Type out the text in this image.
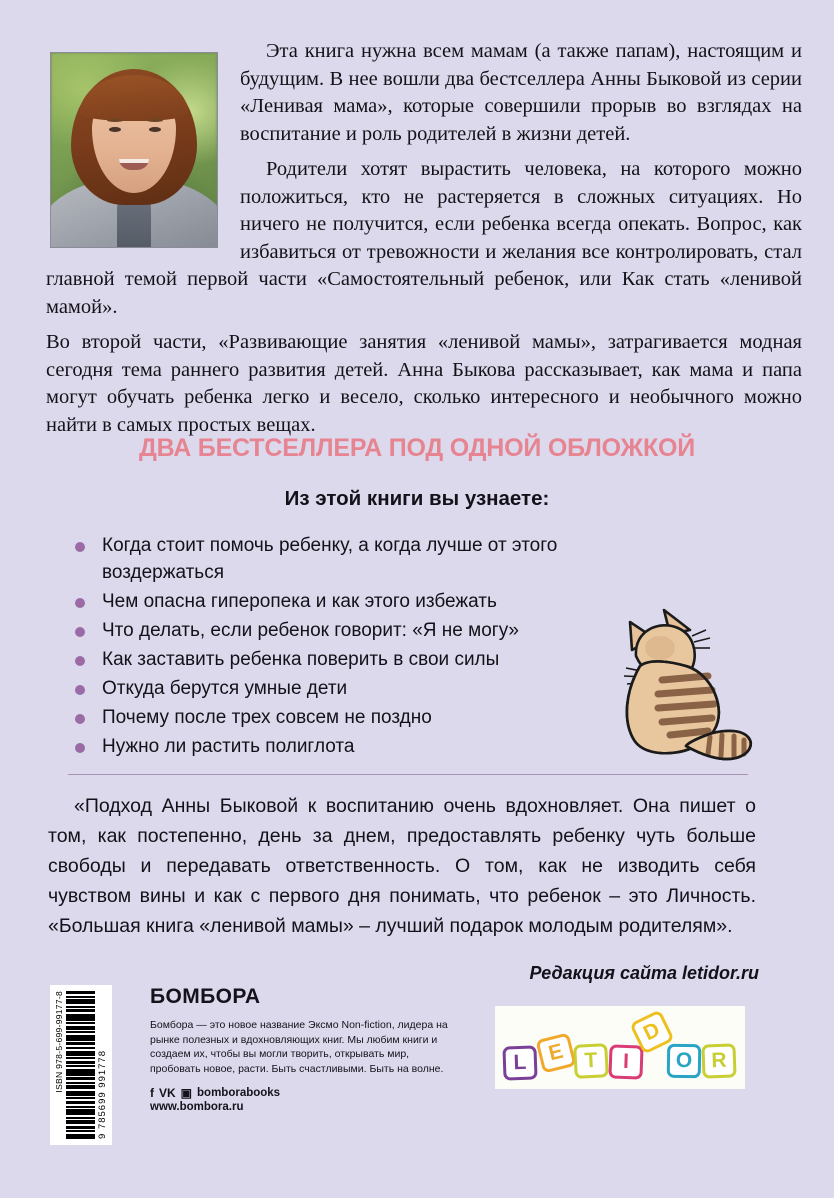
Эта книга нужна всем мамам (а также папам), настоящим и будущим. В нее вошли два бестселлера Анны Быковой из серии «Ленивая мама», которые совершили прорыв во взглядах на воспитание и роль родителей в жизни детей.

Родители хотят вырастить человека, на которого можно положиться, кто не растеряется в сложных ситуациях. Но ничего не получится, если ребенка всегда опекать. Вопрос, как избавиться от тревожности и желания все контролировать, стал главной темой первой части «Самостоятельный ребенок, или Как стать «ленивой мамой».

Во второй части, «Развивающие занятия «ленивой мамы», затрагивается модная сегодня тема раннего развития детей. Анна Быкова рассказывает, как мама и папа могут обучать ребенка легко и весело, сколько интересного и необычного можно найти в самых простых вещах.

ДВА БЕСТСЕЛЛЕРА ПОД ОДНОЙ ОБЛОЖКОЙ
Из этой книги вы узнаете:
Когда стоит помочь ребенку, а когда лучше от этого воздержаться
Чем опасна гиперопека и как этого избежать
Что делать, если ребенок говорит: «Я не могу»
Как заставить ребенка поверить в свои силы
Откуда берутся умные дети
Почему после трех совсем не поздно
Нужно ли растить полиглота
«Подход Анны Быковой к воспитанию очень вдохновляет. Она пишет о том, как постепенно, день за днем, предоставлять ребенку чуть больше свободы и передавать ответственность. О том, как не изводить себя чувством вины и как с первого дня понимать, что ребенок – это Личность. «Большая книга «ленивой мамы» – лучший подарок молодым родителям».
Редакция сайта letidor.ru
ISBN 978-5-699-99177-8
9 785699 991778
БОМБОРА
Бомбора — это новое название Эксмо Non-fiction, лидера на рынке полезных и вдохновляющих книг. Мы любим книги и создаем их, чтобы вы могли творить, открывать мир, пробовать новое, расти. Быть счастливыми. Быть на волне.
f VK ▣ bomborabooks
www.bombora.ru
L E T	I
D
O R
